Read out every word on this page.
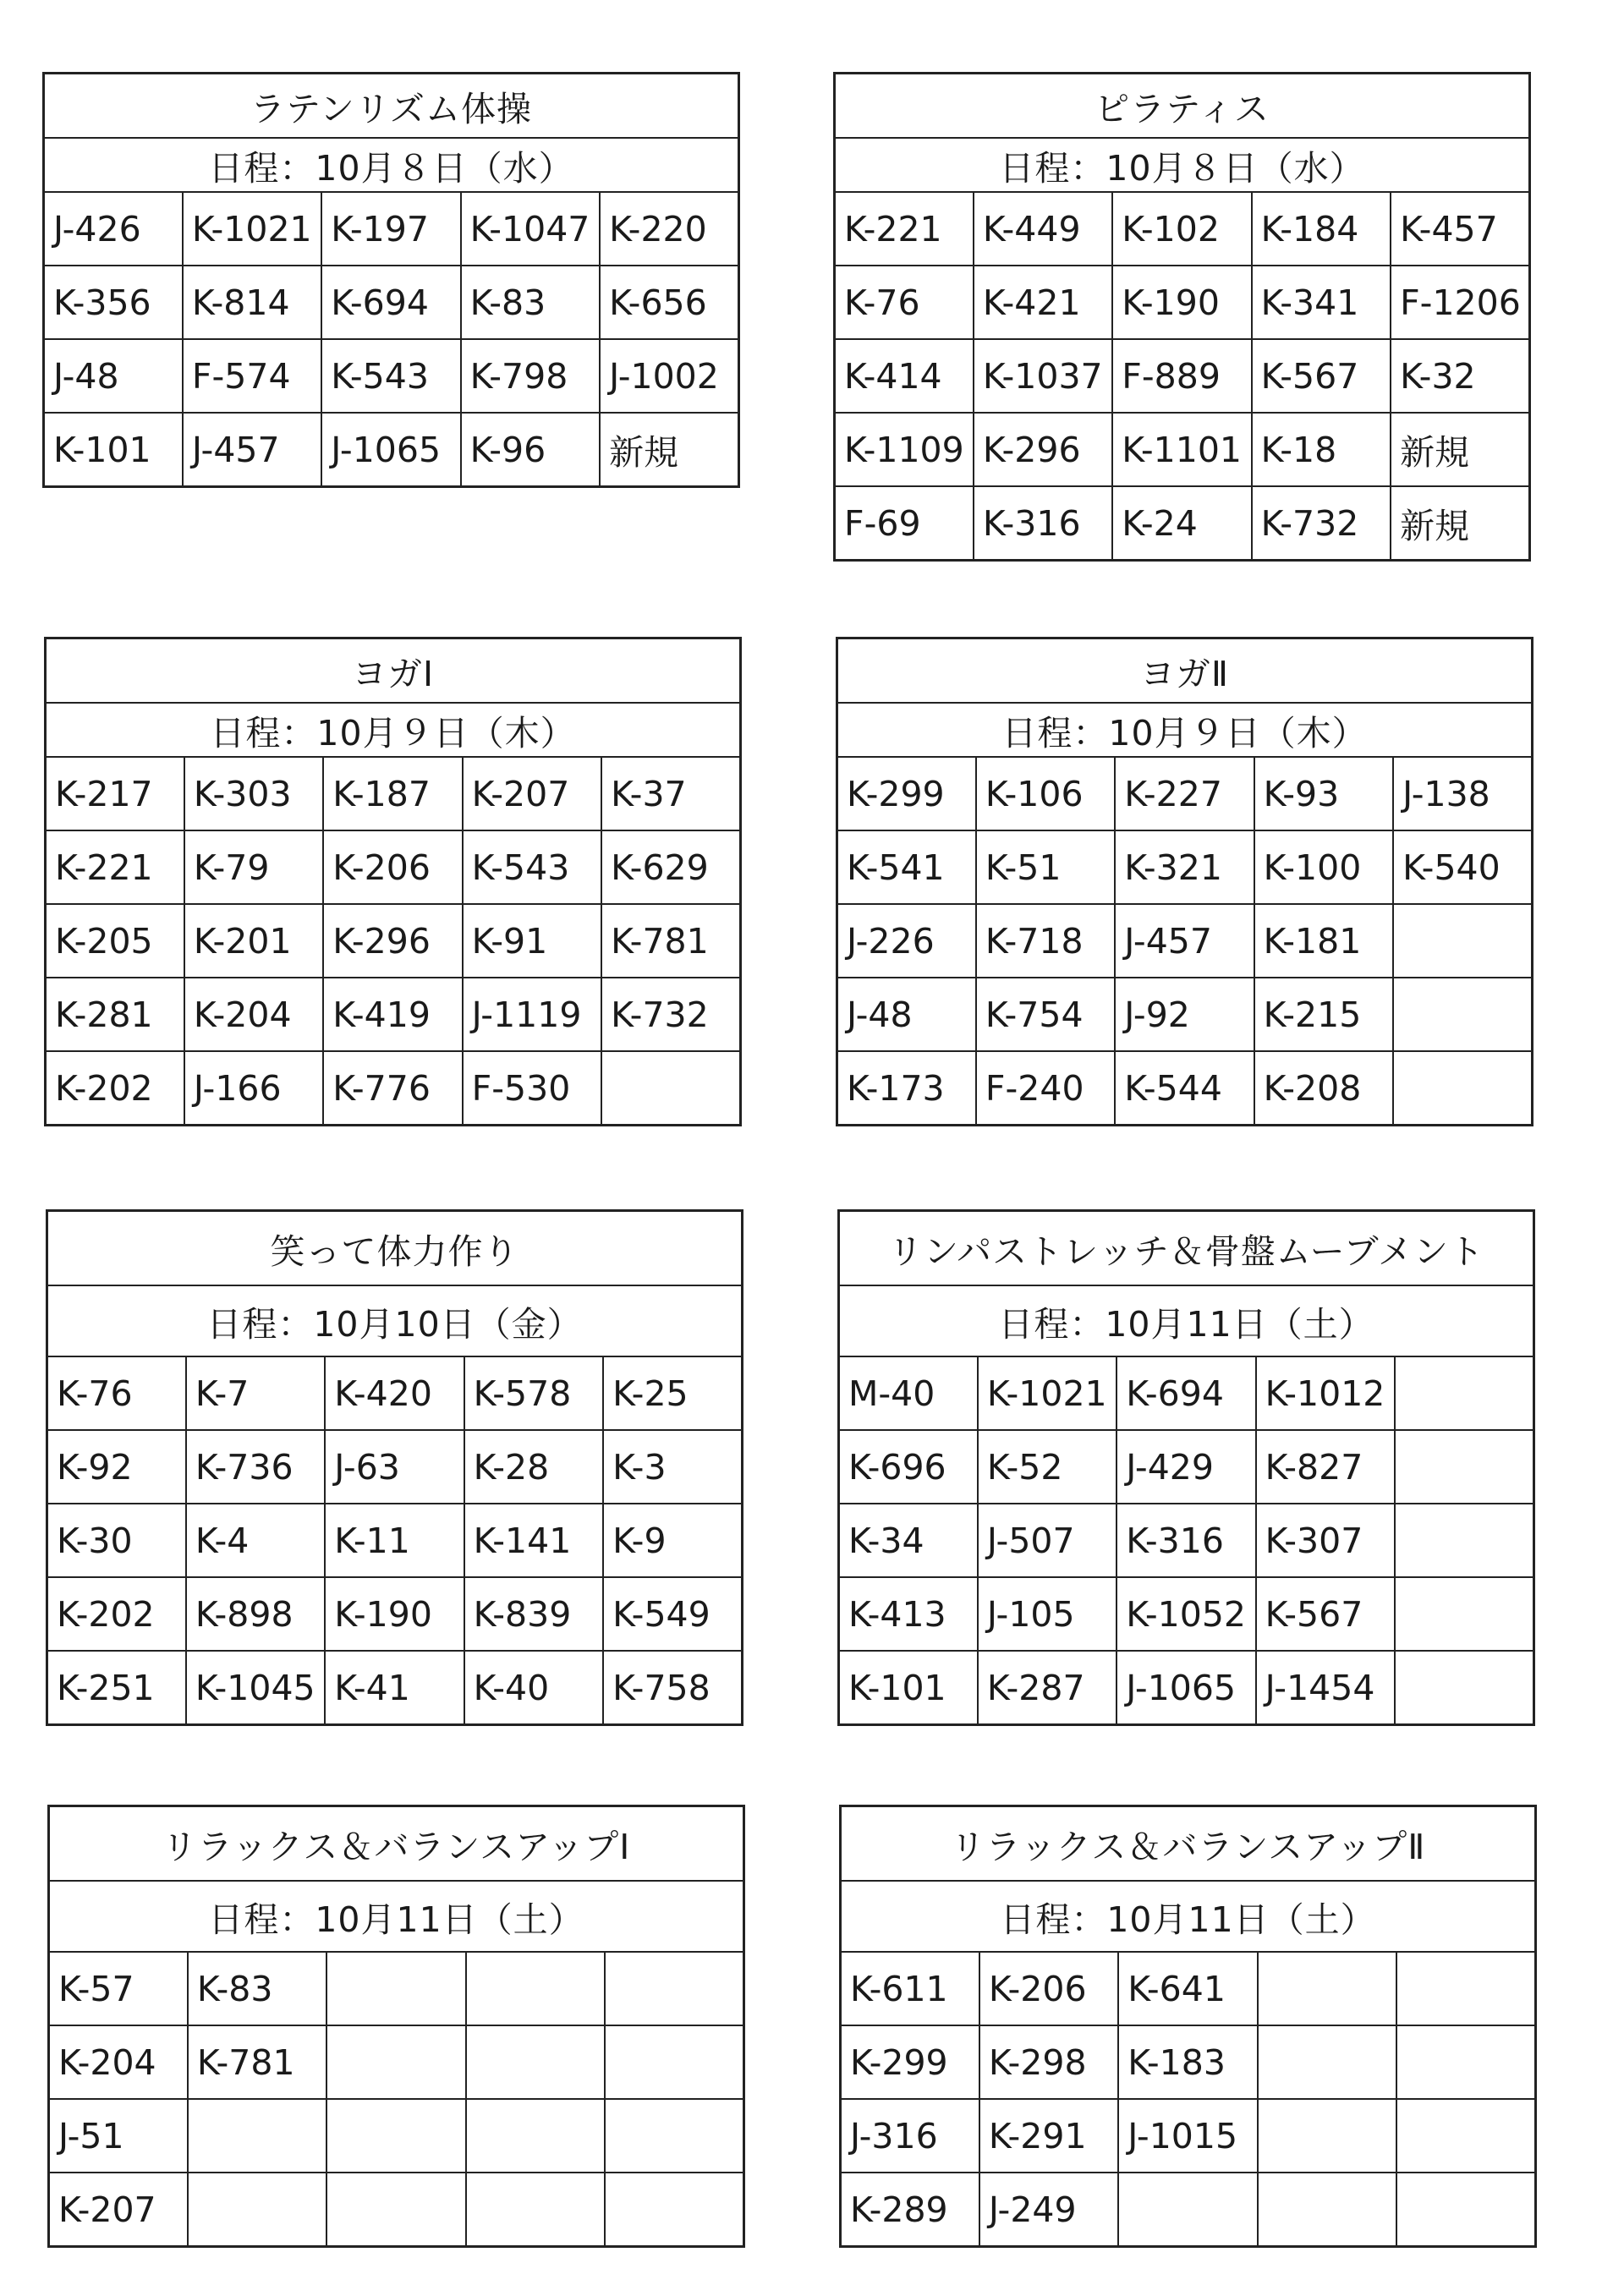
ラテンリズム体操				
日程：10月８日（水）				
J-426	K-1021	K-197	K-1047	K-220
K-356	K-814	K-694	K-83	K-656
J-48	F-574	K-543	K-798	J-1002
K-101	J-457	J-1065	K-96	新規
ピラティス				
日程：10月８日（水）				
K-221	K-449	K-102	K-184	K-457
K-76	K-421	K-190	K-341	F-1206
K-414	K-1037	F-889	K-567	K-32
K-1109	K-296	K-1101	K-18	新規
F-69	K-316	K-24	K-732	新規
ヨガⅠ				
日程：10月９日（木）				
K-217	K-303	K-187	K-207	K-37
K-221	K-79	K-206	K-543	K-629
K-205	K-201	K-296	K-91	K-781
K-281	K-204	K-419	J-1119	K-732
K-202	J-166	K-776	F-530	
ヨガⅡ				
日程：10月９日（木）				
K-299	K-106	K-227	K-93	J-138
K-541	K-51	K-321	K-100	K-540
J-226	K-718	J-457	K-181	
J-48	K-754	J-92	K-215	
K-173	F-240	K-544	K-208	
笑って体力作り				
日程：10月10日（金）				
K-76	K-7	K-420	K-578	K-25
K-92	K-736	J-63	K-28	K-3
K-30	K-4	K-11	K-141	K-9
K-202	K-898	K-190	K-839	K-549
K-251	K-1045	K-41	K-40	K-758
リンパストレッチ＆骨盤ムーブメント				
日程：10月11日（土）				
M-40	K-1021	K-694	K-1012	
K-696	K-52	J-429	K-827	
K-34	J-507	K-316	K-307	
K-413	J-105	K-1052	K-567	
K-101	K-287	J-1065	J-1454	
リラックス＆バランスアップⅠ				
日程：10月11日（土）				
K-57	K-83			
K-204	K-781			
J-51				
K-207				
リラックス＆バランスアップⅡ				
日程：10月11日（土）				
K-611	K-206	K-641		
K-299	K-298	K-183		
J-316	K-291	J-1015		
K-289	J-249			
